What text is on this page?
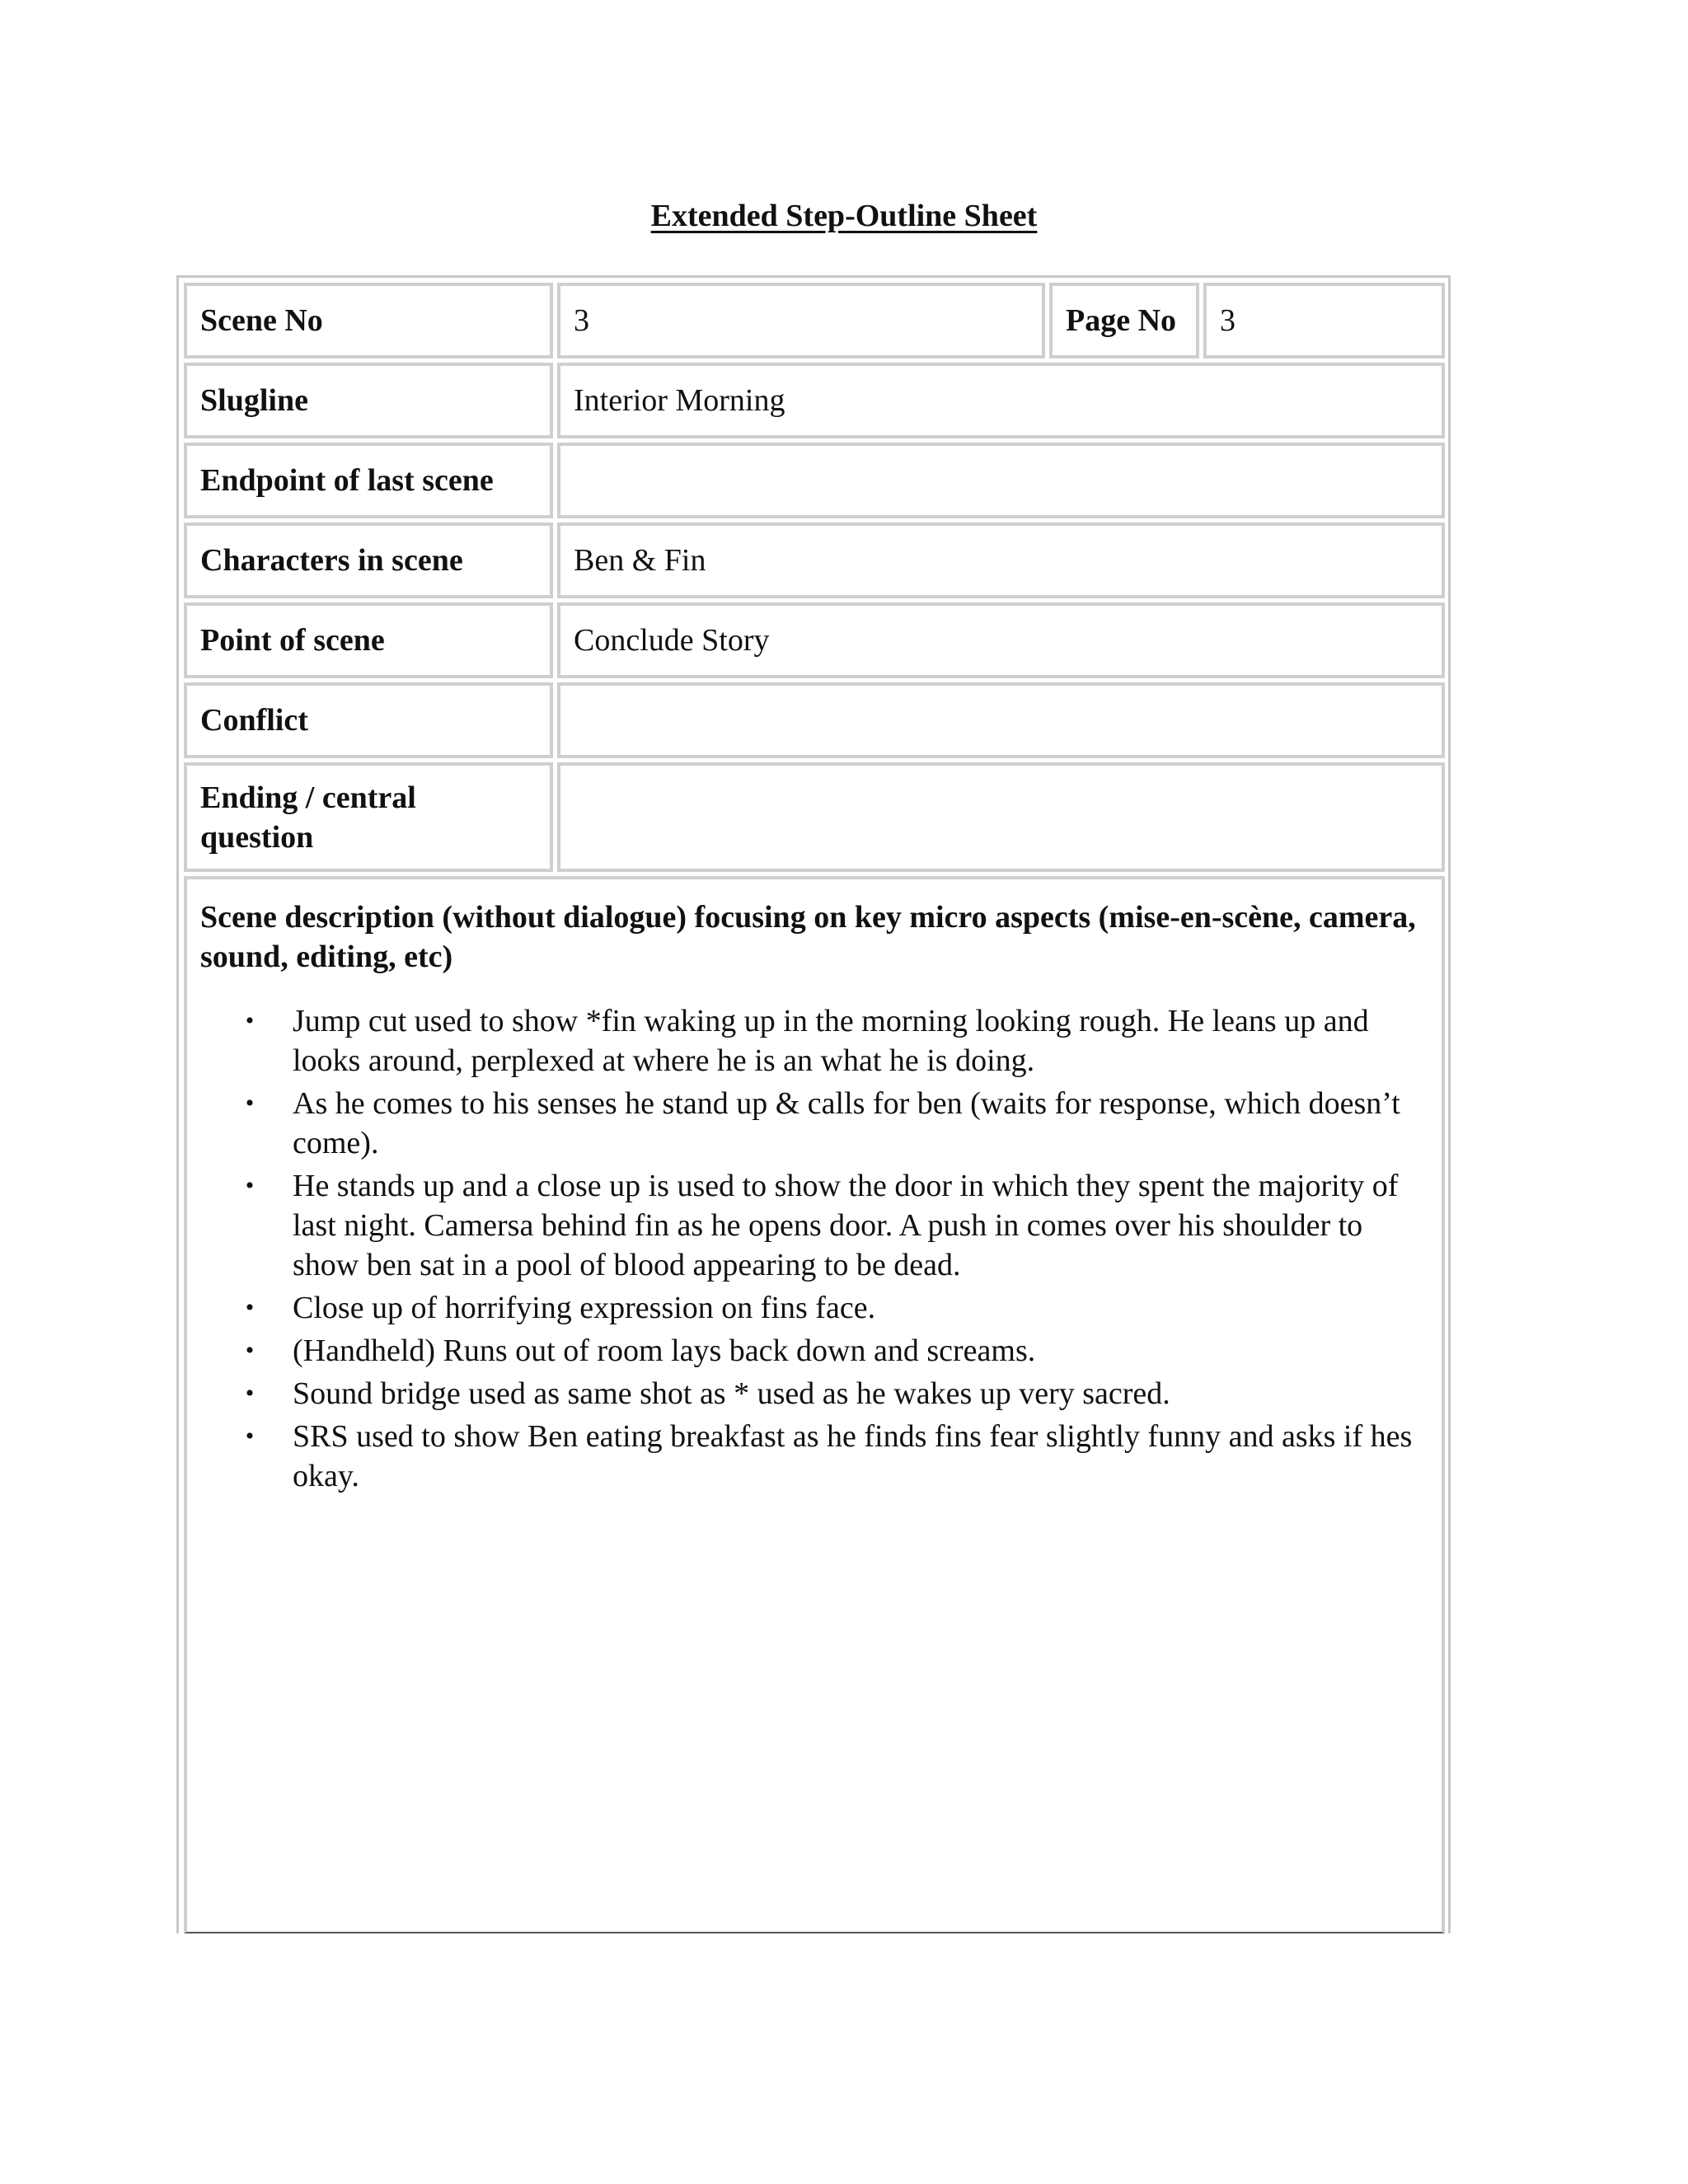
Extended Step-Outline Sheet
Scene No	3	Page No	3
Slugline	Interior Morning
Endpoint of last scene
Characters in scene	Ben & Fin
Point of scene	Conclude Story
Conflict
Ending / central question
Scene description (without dialogue) focusing on key micro aspects (mise-en-scène, camera, sound, editing, etc)
• Jump cut used to show *fin waking up in the morning looking rough. He leans up and looks around, perplexed at where he is an what he is doing.
• As he comes to his senses he stand up & calls for ben (waits for response, which doesn’t come).
• He stands up and a close up is used to show the door in which they spent the majority of last night. Camersa behind fin as he opens door. A push in comes over his shoulder to show ben sat in a pool of blood appearing to be dead.
• Close up of horrifying expression on fins face.
• (Handheld) Runs out of room lays back down and screams.
• Sound bridge used as same shot as * used as he wakes up very sacred.
• SRS used to show Ben eating breakfast as he finds fins fear slightly funny and asks if hes okay.
